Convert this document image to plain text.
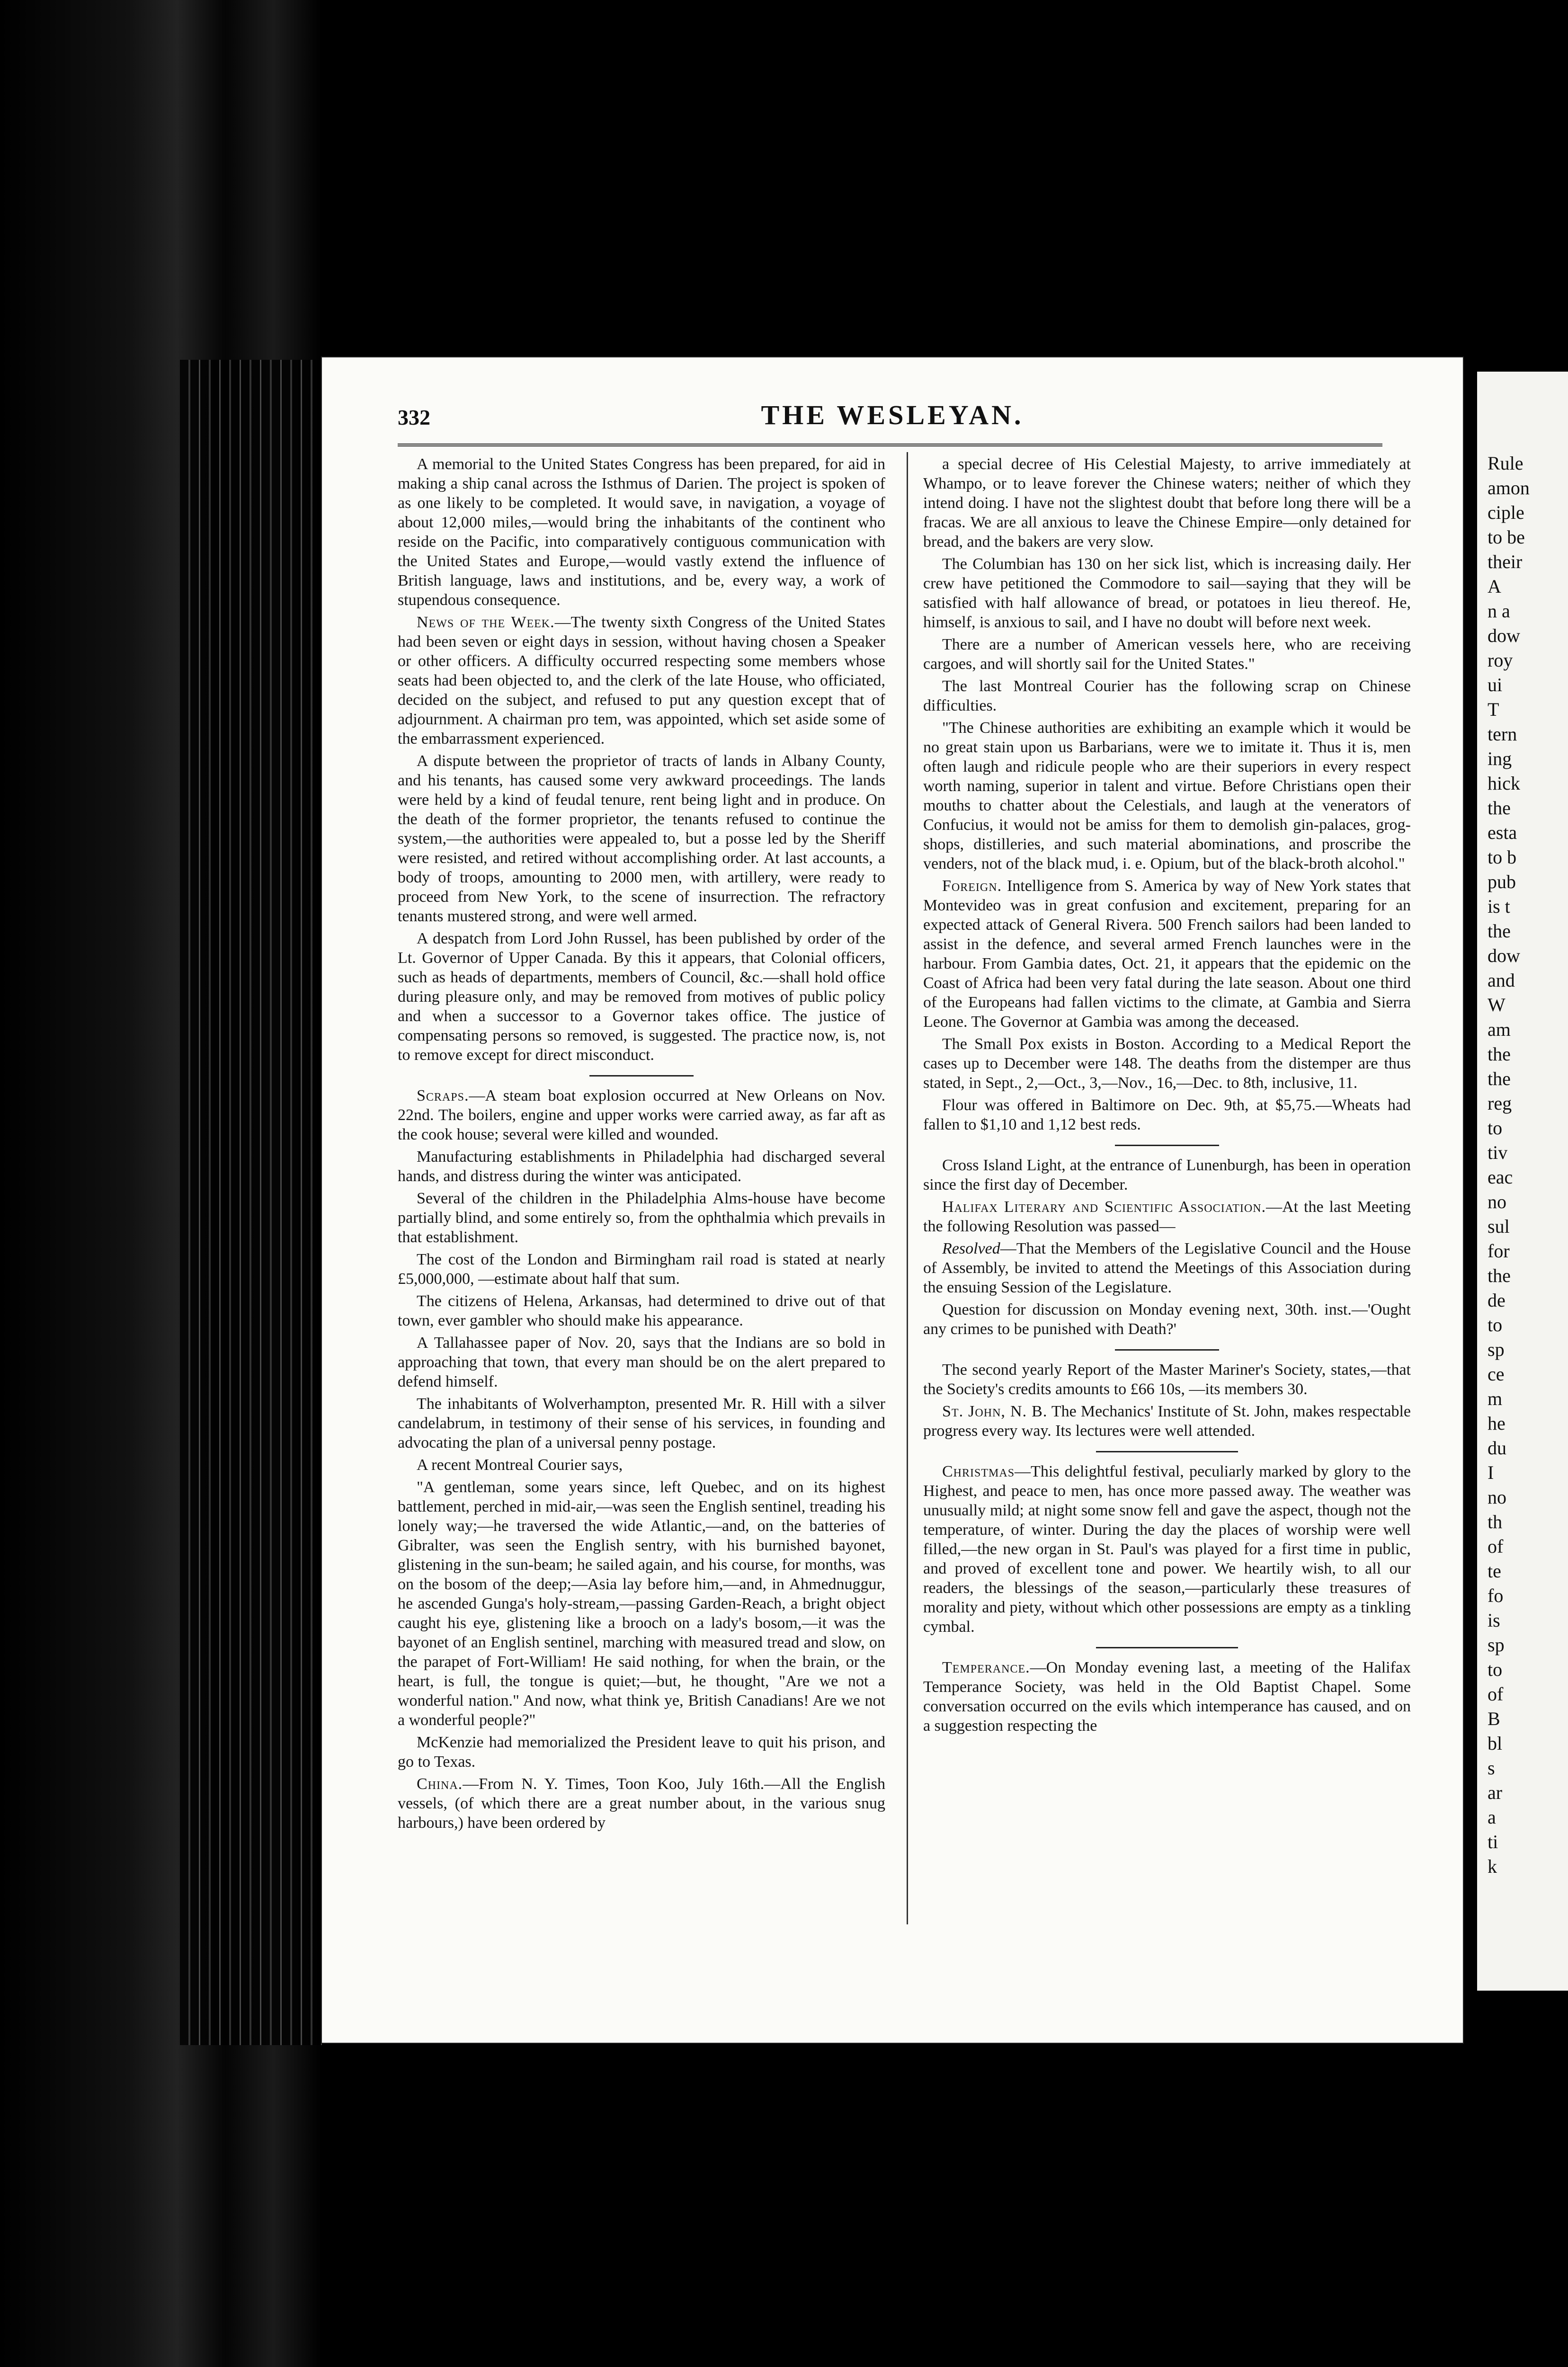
332	THE WESLEYAN.

A memorial to the United States Congress has been prepared, for aid in making a ship canal across the Isthmus of Darien. The project is spoken of as one likely to be completed. It would save, in navigation, a voyage of about 12,000 miles,—would bring the inhabitants of the continent who reside on the Pacific, into comparatively contiguous communication with the United States and Europe,—would vastly extend the influence of British language, laws and institutions, and be, every way, a work of stupendous consequence.

News of the Week.—The twenty sixth Congress of the United States had been seven or eight days in session, without having chosen a Speaker or other officers. A difficulty occurred respecting some members whose seats had been objected to, and the clerk of the late House, who officiated, decided on the subject, and refused to put any question except that of adjournment. A chairman pro tem, was appointed, which set aside some of the embarrassment experienced.

A dispute between the proprietor of tracts of lands in Albany County, and his tenants, has caused some very awkward proceedings. The lands were held by a kind of feudal tenure, rent being light and in produce. On the death of the former proprietor, the tenants refused to continue the system,—the authorities were appealed to, but a posse led by the Sheriff were resisted, and retired without accomplishing order. At last accounts, a body of troops, amounting to 2000 men, with artillery, were ready to proceed from New York, to the scene of insurrection. The refractory tenants mustered strong, and were well armed.

A despatch from Lord John Russel, has been published by order of the Lt. Governor of Upper Canada. By this it appears, that Colonial officers, such as heads of departments, members of Council, &c.—shall hold office during pleasure only, and may be removed from motives of public policy and when a successor to a Governor takes office. The justice of compensating persons so removed, is suggested. The practice now, is, not to remove except for direct misconduct.

Scraps.—A steam boat explosion occurred at New Orleans on Nov. 22nd. The boilers, engine and upper works were carried away, as far aft as the cook house; several were killed and wounded.

Manufacturing establishments in Philadelphia had discharged several hands, and distress during the winter was anticipated.

Several of the children in the Philadelphia Alms-house have become partially blind, and some entirely so, from the ophthalmia which prevails in that establishment.

The cost of the London and Birmingham rail road is stated at nearly £5,000,000, —estimate about half that sum.

The citizens of Helena, Arkansas, had determined to drive out of that town, ever gambler who should make his appearance.

A Tallahassee paper of Nov. 20, says that the Indians are so bold in approaching that town, that every man should be on the alert prepared to defend himself.

The inhabitants of Wolverhampton, presented Mr. R. Hill with a silver candelabrum, in testimony of their sense of his services, in founding and advocating the plan of a universal penny postage.

A recent Montreal Courier says,

"A gentleman, some years since, left Quebec, and on its highest battlement, perched in mid-air,—was seen the English sentinel, treading his lonely way;—he traversed the wide Atlantic,—and, on the batteries of Gibralter, was seen the English sentry, with his burnished bayonet, glistening in the sun-beam; he sailed again, and his course, for months, was on the bosom of the deep;—Asia lay before him,—and, in Ahmednuggur, he ascended Gunga's holy-stream,—passing Garden-Reach, a bright object caught his eye, glistening like a brooch on a lady's bosom,—it was the bayonet of an English sentinel, marching with measured tread and slow, on the parapet of Fort-William! He said nothing, for when the brain, or the heart, is full, the tongue is quiet;—but, he thought, "Are we not a wonderful nation." And now, what think ye, British Canadians! Are we not a wonderful people?"

McKenzie had memorialized the President leave to quit his prison, and go to Texas.

China.—From N. Y. Times, Toon Koo, July 16th.—All the English vessels, (of which there are a great number about, in the various snug harbours,) have been ordered by

a special decree of His Celestial Majesty, to arrive immediately at Whampo, or to leave forever the Chinese waters; neither of which they intend doing. I have not the slightest doubt that before long there will be a fracas. We are all anxious to leave the Chinese Empire—only detained for bread, and the bakers are very slow.

The Columbian has 130 on her sick list, which is increasing daily. Her crew have petitioned the Commodore to sail—saying that they will be satisfied with half allowance of bread, or potatoes in lieu thereof. He, himself, is anxious to sail, and I have no doubt will before next week.

There are a number of American vessels here, who are receiving cargoes, and will shortly sail for the United States."

The last Montreal Courier has the following scrap on Chinese difficulties.

"The Chinese authorities are exhibiting an example which it would be no great stain upon us Barbarians, were we to imitate it. Thus it is, men often laugh and ridicule people who are their superiors in every respect worth naming, superior in talent and virtue. Before Christians open their mouths to chatter about the Celestials, and laugh at the venerators of Confucius, it would not be amiss for them to demolish gin-palaces, grog-shops, distilleries, and such material abominations, and proscribe the venders, not of the black mud, i. e. Opium, but of the black-broth alcohol."

Foreign. Intelligence from S. America by way of New York states that Montevideo was in great confusion and excitement, preparing for an expected attack of General Rivera. 500 French sailors had been landed to assist in the defence, and several armed French launches were in the harbour. From Gambia dates, Oct. 21, it appears that the epidemic on the Coast of Africa had been very fatal during the late season. About one third of the Europeans had fallen victims to the climate, at Gambia and Sierra Leone. The Governor at Gambia was among the deceased.

The Small Pox exists in Boston. According to a Medical Report the cases up to December were 148. The deaths from the distemper are thus stated, in Sept., 2,—Oct., 3,—Nov., 16,—Dec. to 8th, inclusive, 11.

Flour was offered in Baltimore on Dec. 9th, at $5,75.—Wheats had fallen to $1,10 and 1,12 best reds.

Cross Island Light, at the entrance of Lunenburgh, has been in operation since the first day of December.

Halifax Literary and Scientific Association.—At the last Meeting the following Resolution was passed—

Resolved—That the Members of the Legislative Council and the House of Assembly, be invited to attend the Meetings of this Association during the ensuing Session of the Legislature.

Question for discussion on Monday evening next, 30th. inst.—'Ought any crimes to be punished with Death?'

The second yearly Report of the Master Mariner's Society, states,—that the Society's credits amounts to £66 10s, —its members 30.

St. John, N. B. The Mechanics' Institute of St. John, makes respectable progress every way. Its lectures were well attended.

Christmas—This delightful festival, peculiarly marked by glory to the Highest, and peace to men, has once more passed away. The weather was unusually mild; at night some snow fell and gave the aspect, though not the temperature, of winter. During the day the places of worship were well filled,—the new organ in St. Paul's was played for a first time in public, and proved of excellent tone and power. We heartily wish, to all our readers, the blessings of the season,—particularly these treasures of morality and piety, without which other possessions are empty as a tinkling cymbal.

Temperance.—On Monday evening last, a meeting of the Halifax Temperance Society, was held in the Old Baptist Chapel. Some conversation occurred on the evils which intemperance has caused, and on a suggestion respecting the

Rule
amon
ciple
to be
their
A
n a
dow
roy
ui
T
tern
ing
hick
the
esta
to b
pub
is t
the
dow
and
W
am
the
the
reg
to
tiv
eac
no
sul
for
the
de
to
sp
ce
m
he
du
I
no
th
of
te
fo
is
sp
to
of
B
bl
s
ar
a
ti
k
